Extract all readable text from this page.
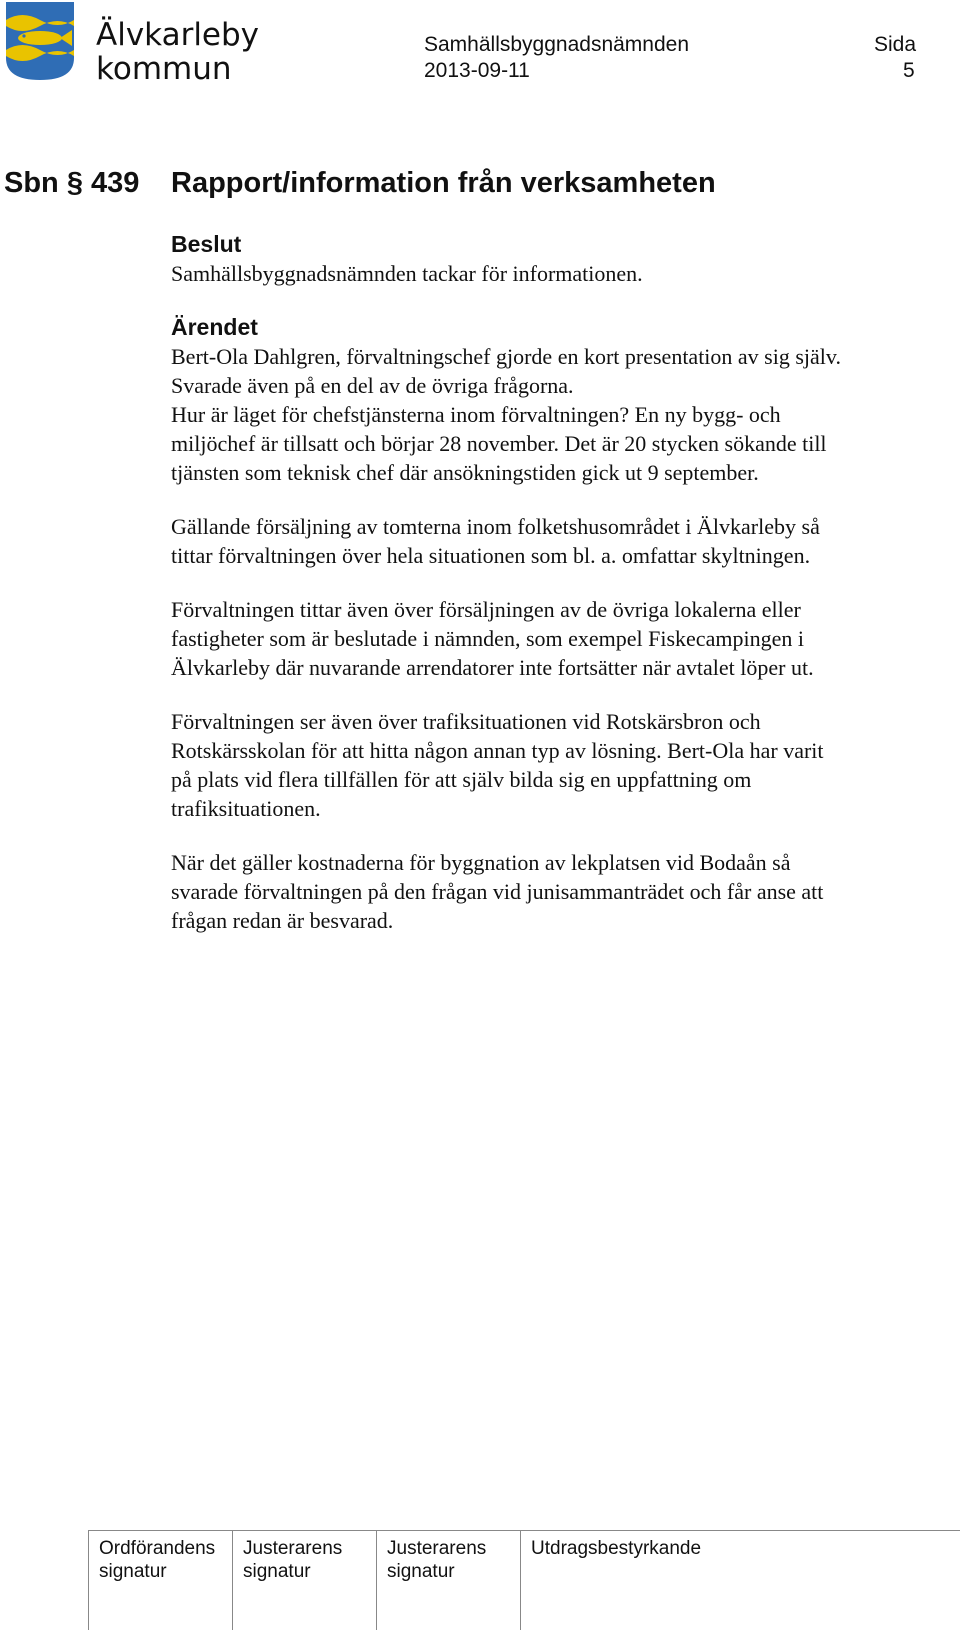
Älvkarleby
kommun
Samhällsbyggnadsnämnden
2013-09-11
Sida
5
Sbn § 439 Rapport/information från verksamheten
Beslut

Samhällsbyggnadsnämnden tackar för informationen.

Ärendet

Bert-Ola Dahlgren, förvaltningschef gjorde en kort presentation av sig själv.

Svarade även på en del av de övriga frågorna.

Hur är läget för chefstjänsterna inom förvaltningen? En ny bygg- och

miljöchef är tillsatt och börjar 28 november. Det är 20 stycken sökande till

tjänsten som teknisk chef där ansökningstiden gick ut 9 september.

Gällande försäljning av tomterna inom folketshusområdet i Älvkarleby så

tittar förvaltningen över hela situationen som bl. a. omfattar skyltningen.

Förvaltningen tittar även över försäljningen av de övriga lokalerna eller

fastigheter som är beslutade i nämnden, som exempel Fiskecampingen i

Älvkarleby där nuvarande arrendatorer inte fortsätter när avtalet löper ut.

Förvaltningen ser även över trafiksituationen vid Rotskärsbron och

Rotskärsskolan för att hitta någon annan typ av lösning. Bert-Ola har varit

på plats vid flera tillfällen för att själv bilda sig en uppfattning om

trafiksituationen.

När det gäller kostnaderna för byggnation av lekplatsen vid Bodaån så

svarade förvaltningen på den frågan vid junisammanträdet och får anse att

frågan redan är besvarad.

Ordförandens
signatur
Justerarens
signatur
Justerarens
signatur
Utdragsbestyrkande
